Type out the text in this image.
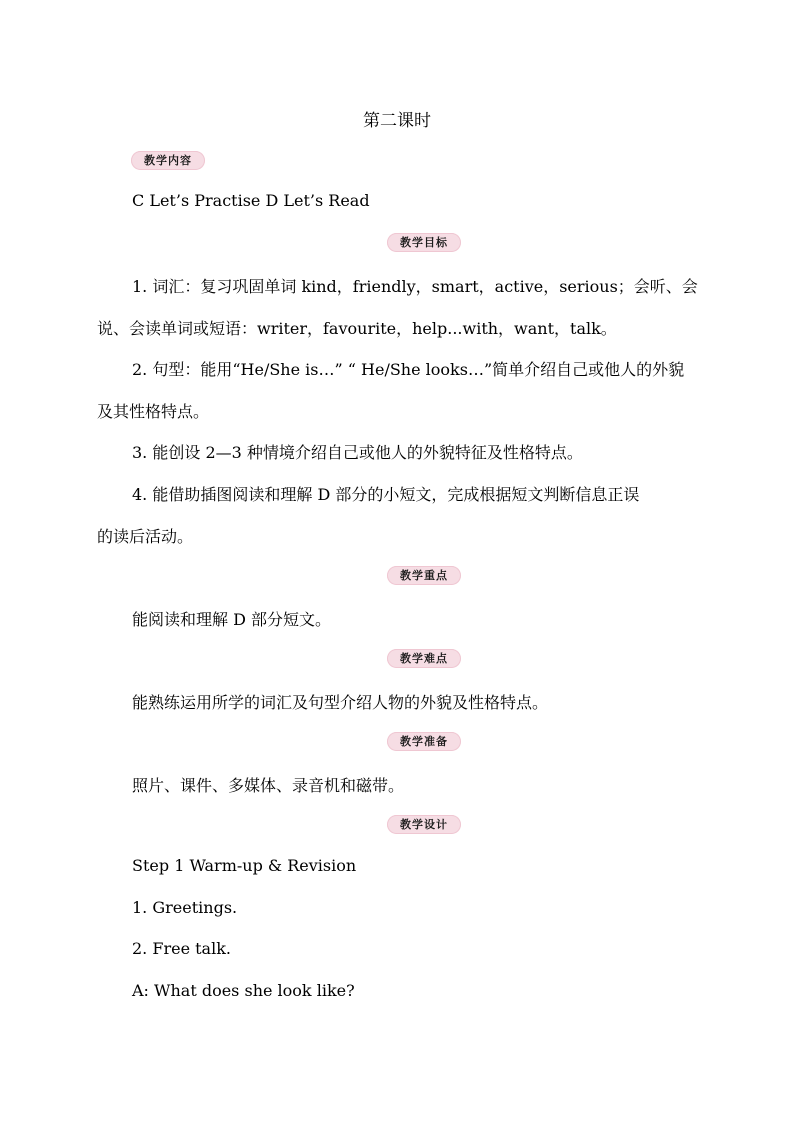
第二课时
教学内容
C Let’s Practise D Let’s Read
教学目标
1. 词汇：复习巩固单词 kind，friendly，smart，active，serious；会听、会
说、会读单词或短语：writer，favourite，help...with，want，talk。
2. 句型：能用“He/She is…” “ He/She looks…”简单介绍自己或他人的外貌
及其性格特点。
3. 能创设 2—3 种情境介绍自己或他人的外貌特征及性格特点。
4. 能借助插图阅读和理解 D 部分的小短文，完成根据短文判断信息正误
的读后活动。
教学重点
能阅读和理解 D 部分短文。
教学难点
能熟练运用所学的词汇及句型介绍人物的外貌及性格特点。
教学准备
照片、课件、多媒体、录音机和磁带。
教学设计
Step 1 Warm-up & Revision
1. Greetings.
2. Free talk.
A: What does she look like?
